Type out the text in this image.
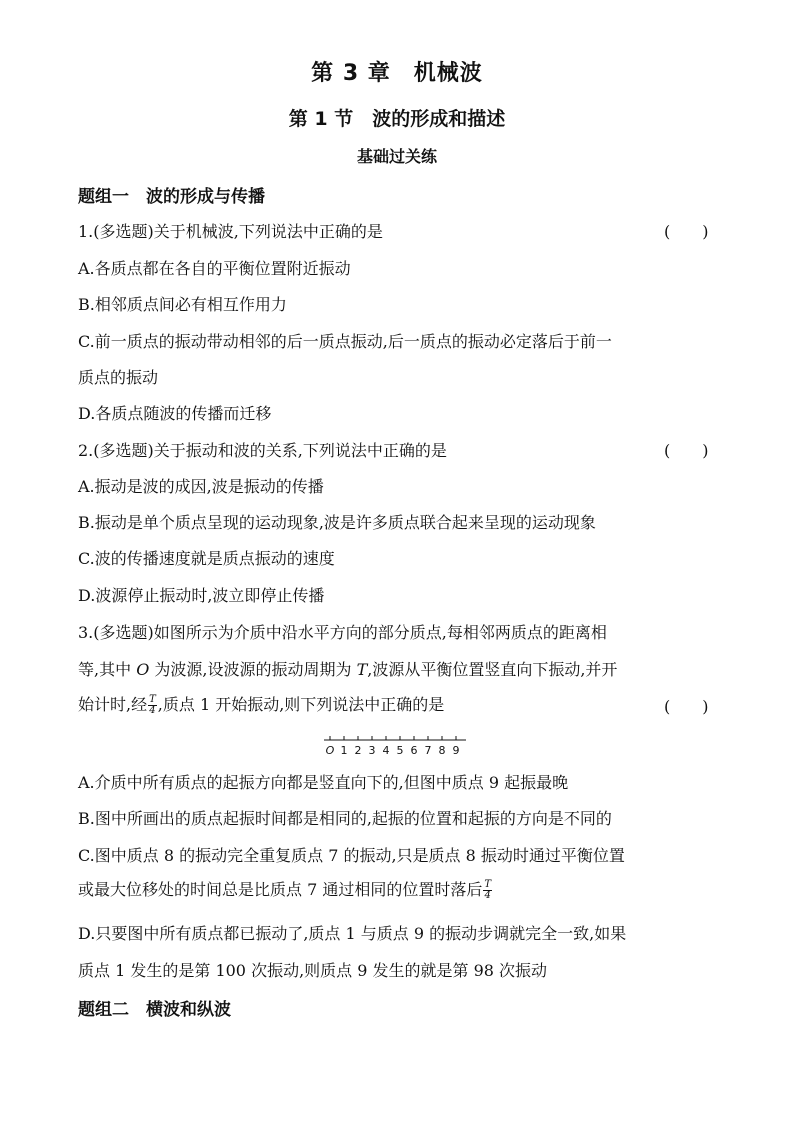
第 3 章　机械波
第 1 节　波的形成和描述
基础过关练
题组一　波的形成与传播
1.(多选题)关于机械波,下列说法中正确的是	(　　)
A.各质点都在各自的平衡位置附近振动
B.相邻质点间必有相互作用力
C.前一质点的振动带动相邻的后一质点振动,后一质点的振动必定落后于前一
质点的振动
D.各质点随波的传播而迁移
2.(多选题)关于振动和波的关系,下列说法中正确的是	(　　)
A.振动是波的成因,波是振动的传播
B.振动是单个质点呈现的运动现象,波是许多质点联合起来呈现的运动现象
C.波的传播速度就是质点振动的速度
D.波源停止振动时,波立即停止传播
3.(多选题)如图所示为介质中沿水平方向的部分质点,每相邻两质点的距离相
等,其中 O 为波源,设波源的振动周期为 T,波源从平衡位置竖直向下振动,并开
始计时,经 $\frac{T}{4}$ ,质点 1 开始振动,则下列说法中正确的是	(　　)
O 1 2 3 4 5 6 7 8 9
A.介质中所有质点的起振方向都是竖直向下的,但图中质点 9 起振最晚
B.图中所画出的质点起振时间都是相同的,起振的位置和起振的方向是不同的
C.图中质点 8 的振动完全重复质点 7 的振动,只是质点 8 振动时通过平衡位置
或最大位移处的时间总是比质点 7 通过相同的位置时落后 $\frac{T}{4}$
D.只要图中所有质点都已振动了,质点 1 与质点 9 的振动步调就完全一致,如果
质点 1 发生的是第 100 次振动,则质点 9 发生的就是第 98 次振动
题组二　横波和纵波
